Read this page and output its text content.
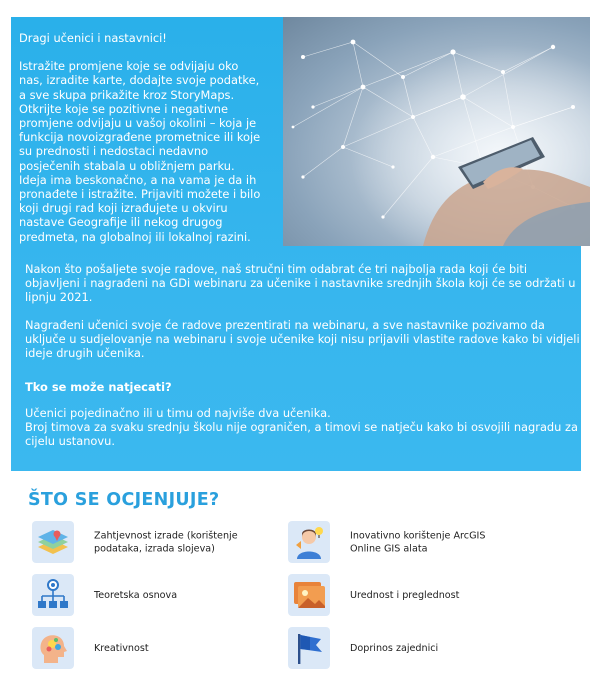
Dragi učenici i nastavnici!
Istražite promjene koje se odvijaju oko
nas, izradite karte, dodajte svoje podatke,
a sve skupa prikažite kroz StoryMaps.
Otkrijte koje se pozitivne i negativne
promjene odvijaju u vašoj okolini – koja je
funkcija novoizgrađene prometnice ili koje
su prednosti i nedostaci nedavno
posječenih stabala u obližnjem parku.
Ideja ima beskonačno, a na vama je da ih
pronađete i istražite. Prijaviti možete i bilo
koji drugi rad koji izrađujete u okviru
nastave Geografije ili nekog drugog
predmeta, na globalnoj ili lokalnoj razini.
Nakon što pošaljete svoje radove, naš stručni tim odabrat će tri najbolja rada koji će biti
objavljeni i nagrađeni na GDi webinaru za učenike i nastavnike srednjih škola koji će se održati u
lipnju 2021.
Nagrađeni učenici svoje će radove prezentirati na webinaru, a sve nastavnike pozivamo da
uključe u sudjelovanje na webinaru i svoje učenike koji nisu prijavili vlastite radove kako bi vidjeli
ideje drugih učenika.
Tko se može natjecati?
Učenici pojedinačno ili u timu od najviše dva učenika.
Broj timova za svaku srednju školu nije ograničen, a timovi se natječu kako bi osvojili nagradu za
cijelu ustanovu.
ŠTO SE OCJENJUJE?
Zahtjevnost izrade (korištenje
podataka, izrada slojeva)
Inovativno korištenje ArcGIS
Online GIS alata
Teoretska osnova	Urednost i preglednost
Kreativnost	Doprinos zajednici
